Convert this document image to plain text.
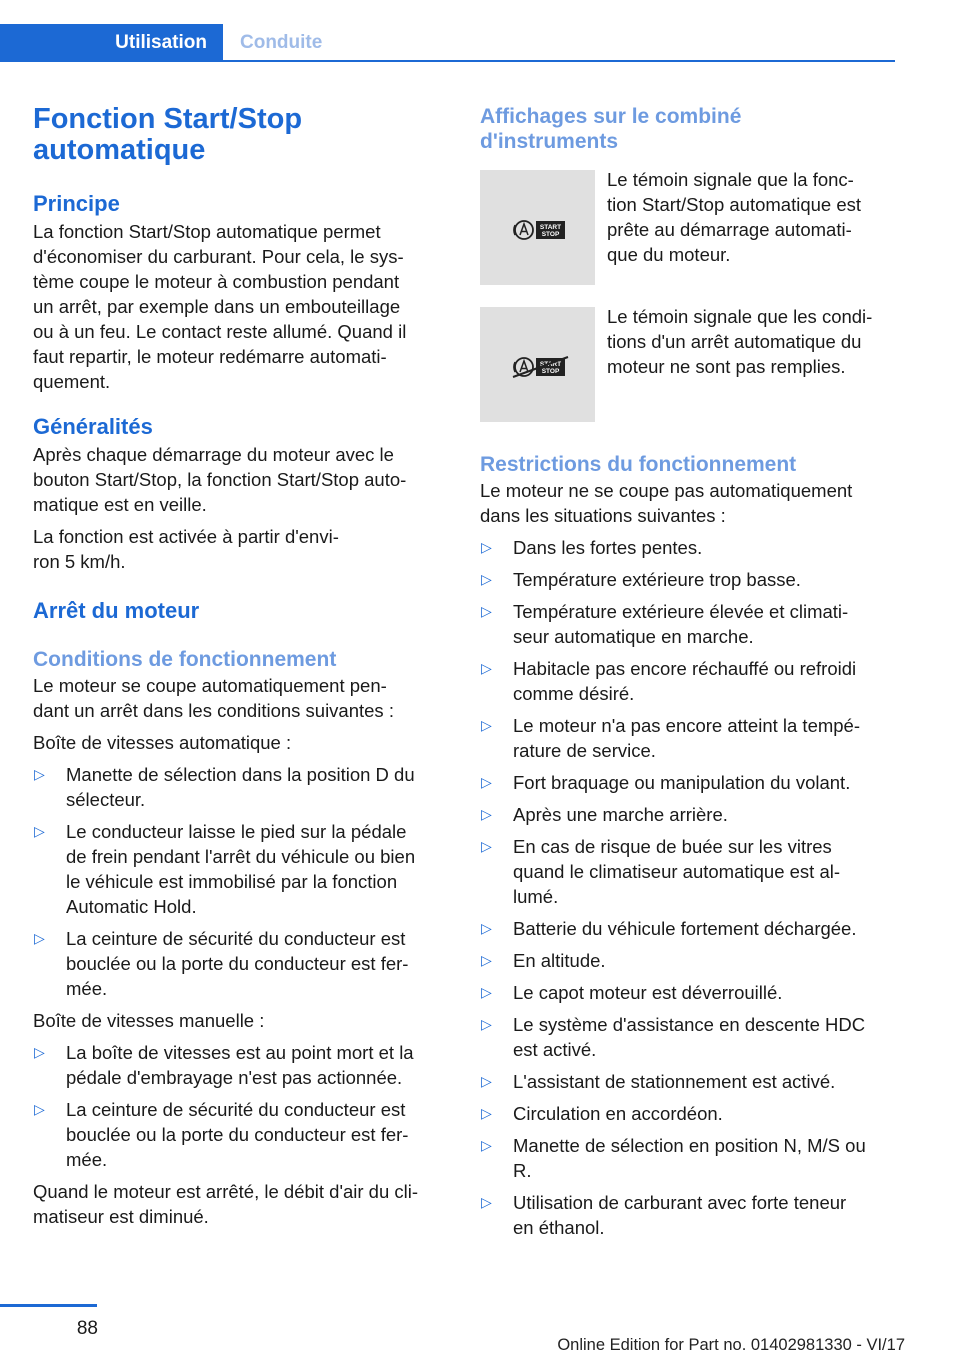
Utilisation	Conduite
Fonction Start/Stop
automatique
Principe

La fonction Start/Stop automatique permet
d'économiser du carburant. Pour cela, le sys-
tème coupe le moteur à combustion pendant
un arrêt, par exemple dans un embouteillage
ou à un feu. Le contact reste allumé. Quand il
faut repartir, le moteur redémarre automati-
quement.

Généralités

Après chaque démarrage du moteur avec le
bouton Start/Stop, la fonction Start/Stop auto-
matique est en veille.

La fonction est activée à partir d'envi-
ron 5 km/h.

Arrêt du moteur
Conditions de fonctionnement

Le moteur se coupe automatiquement pen-
dant un arrêt dans les conditions suivantes :

Boîte de vitesses automatique :

▷ Manette de sélection dans la position D du
sélecteur.
▷ Le conducteur laisse le pied sur la pédale
de frein pendant l'arrêt du véhicule ou bien
le véhicule est immobilisé par la fonction
Automatic Hold.
▷ La ceinture de sécurité du conducteur est
bouclée ou la porte du conducteur est fer-
mée.

Boîte de vitesses manuelle :

▷ La boîte de vitesses est au point mort et la
pédale d'embrayage n'est pas actionnée.
▷ La ceinture de sécurité du conducteur est
bouclée ou la porte du conducteur est fer-
mée.

Quand le moteur est arrêté, le débit d'air du cli-
matiseur est diminué.

Affichages sur le combiné
d'instruments
START
STOP
Le témoin signale que la fonc-
tion Start/Stop automatique est
prête au démarrage automati-
que du moteur.
START
STOP
Le témoin signale que les condi-
tions d'un arrêt automatique du
moteur ne sont pas remplies.
Restrictions du fonctionnement

Le moteur ne se coupe pas automatiquement
dans les situations suivantes :

▷ Dans les fortes pentes.
▷ Température extérieure trop basse.
▷ Température extérieure élevée et climati-
seur automatique en marche.
▷ Habitacle pas encore réchauffé ou refroidi
comme désiré.
▷ Le moteur n'a pas encore atteint la tempé-
rature de service.
▷ Fort braquage ou manipulation du volant.
▷ Après une marche arrière.
▷ En cas de risque de buée sur les vitres
quand le climatiseur automatique est al-
lumé.
▷ Batterie du véhicule fortement déchargée.
▷ En altitude.
▷ Le capot moteur est déverrouillé.
▷ Le système d'assistance en descente HDC
est activé.
▷ L'assistant de stationnement est activé.
▷ Circulation en accordéon.
▷ Manette de sélection en position N, M/S ou
R.
▷ Utilisation de carburant avec forte teneur
en éthanol.
88
Online Edition for Part no. 01402981330 - VI/17
